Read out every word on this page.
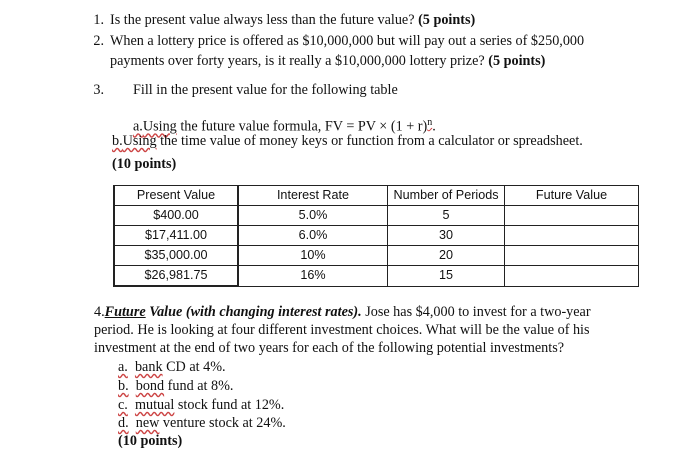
1. Is the present value always less than the future value? (5 points)
2. When a lottery price is offered as $10,000,000 but will pay out a series of $250,000
payments over forty years, is it really a $10,000,000 lottery prize? (5 points)
3. Fill in the present value for the following table
a.Using the future value formula, FV = PV × $(1 + r)^n$.
b.Using the time value of money keys or function from a calculator or spreadsheet.
(10 points)
Present Value	Interest Rate	Number of Periods	Future Value
$400.00	5.0%	5	
$17,411.00	6.0%	30	
$35,000.00	10%	20	
$26,981.75	16%	15	
4.Future Value (with changing interest rates). Jose has $4,000 to invest for a two-year
period. He is looking at four different investment choices. What will be the value of his
investment at the end of two years for each of the following potential investments?
a. bank CD at 4%.
b. bond fund at 8%.
c. mutual stock fund at 12%.
d. new venture stock at 24%.
(10 points)
